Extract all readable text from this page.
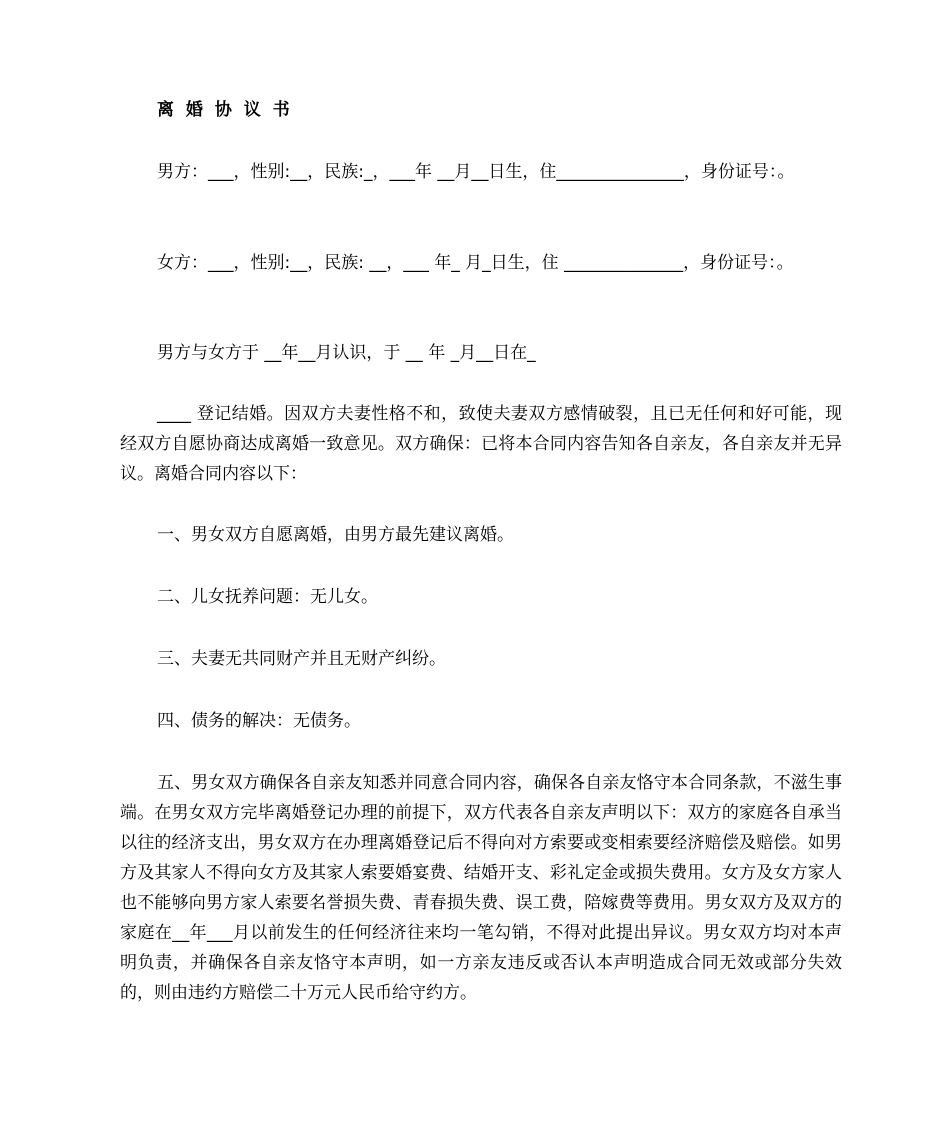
离 婚 协 议 书

男方：___，性别:__，民族:_，___年 __月__日生，住_______________，身份证号：。

女方：___，性别:__，民族: __，___ 年_ 月_日生，住 ______________，身份证号：。

男方与女方于 __年__月认识，于 __ 年 _月__日在_

____ 登记结婚。因双方夫妻性格不和，致使夫妻双方感情破裂，且已无任何和好可能，现经双方自愿协商达成离婚一致意见。双方确保：已将本合同内容告知各自亲友，各自亲友并无异议。离婚合同内容以下：

一、男女双方自愿离婚，由男方最先建议离婚。

二、儿女抚养问题：无儿女。

三、夫妻无共同财产并且无财产纠纷。

四、债务的解决：无债务。

五、男女双方确保各自亲友知悉并同意合同内容，确保各自亲友恪守本合同条款，不滋生事端。在男女双方完毕离婚登记办理的前提下，双方代表各自亲友声明以下：双方的家庭各自承当以往的经济支出，男女双方在办理离婚登记后不得向对方索要或变相索要经济赔偿及赔偿。如男方及其家人不得向女方及其家人索要婚宴费、结婚开支、彩礼定金或损失费用。女方及女方家人也不能够向男方家人索要名誉损失费、青春损失费、误工费，陪嫁费等费用。男女双方及双方的家庭在__年___月以前发生的任何经济往来均一笔勾销，不得对此提出异议。男女双方均对本声明负责，并确保各自亲友恪守本声明，如一方亲友违反或否认本声明造成合同无效或部分失效的，则由违约方赔偿二十万元人民币给守约方。
